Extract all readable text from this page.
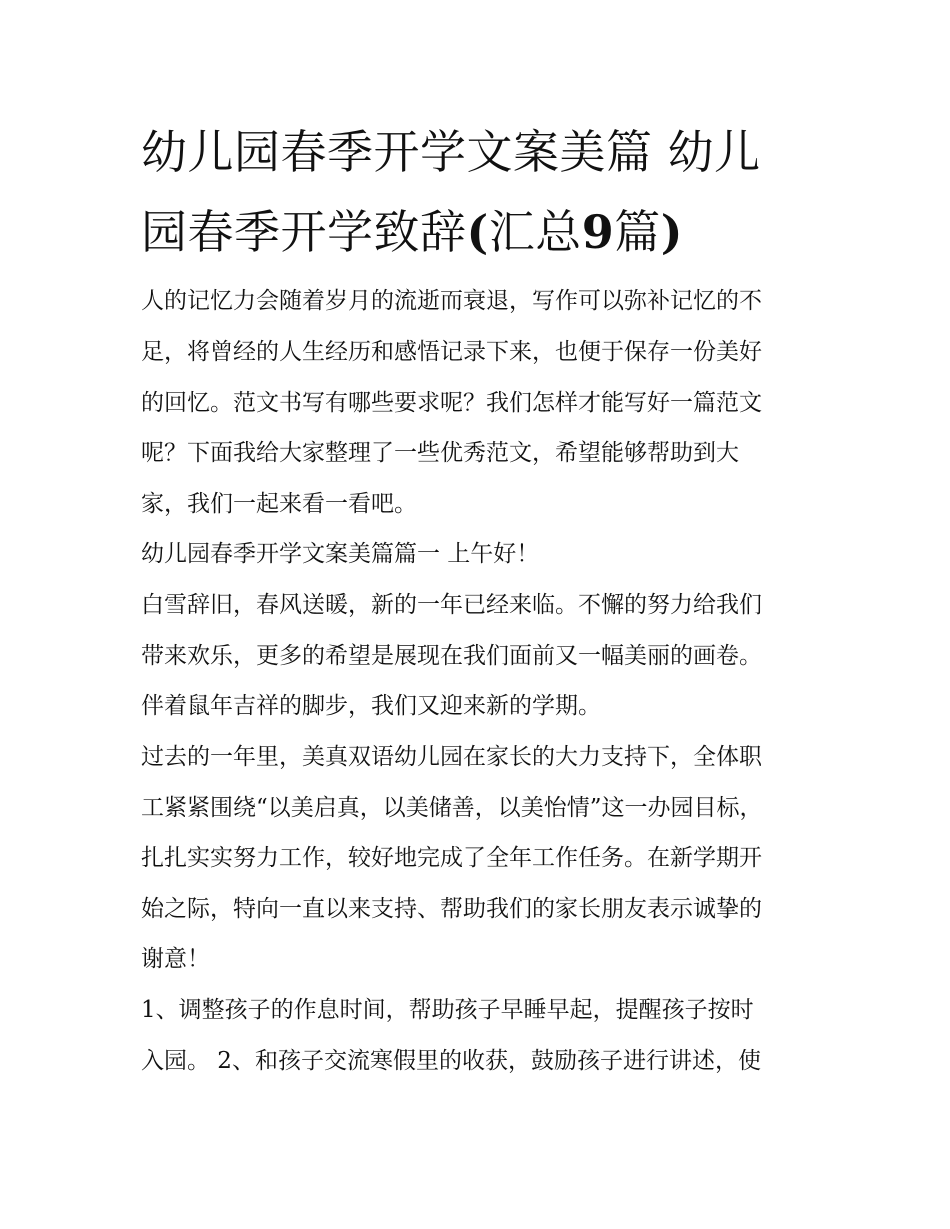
幼儿园春季开学文案美篇 幼儿
园春季开学致辞(汇总9篇)

人的记忆力会随着岁月的流逝而衰退，写作可以弥补记忆的不

足，将曾经的人生经历和感悟记录下来，也便于保存一份美好

的回忆。范文书写有哪些要求呢？我们怎样才能写好一篇范文

呢？下面我给大家整理了一些优秀范文，希望能够帮助到大

家，我们一起来看一看吧。

幼儿园春季开学文案美篇篇一 上午好！

白雪辞旧，春风送暖，新的一年已经来临。不懈的努力给我们

带来欢乐，更多的希望是展现在我们面前又一幅美丽的画卷。

伴着鼠年吉祥的脚步，我们又迎来新的学期。

过去的一年里，美真双语幼儿园在家长的大力支持下，全体职

工紧紧围绕“以美启真，以美储善，以美怡情”这一办园目标，

扎扎实实努力工作，较好地完成了全年工作任务。在新学期开

始之际，特向一直以来支持、帮助我们的家长朋友表示诚挚的

谢意！

1、调整孩子的作息时间，帮助孩子早睡早起，提醒孩子按时

入园。 2、和孩子交流寒假里的收获，鼓励孩子进行讲述，使
